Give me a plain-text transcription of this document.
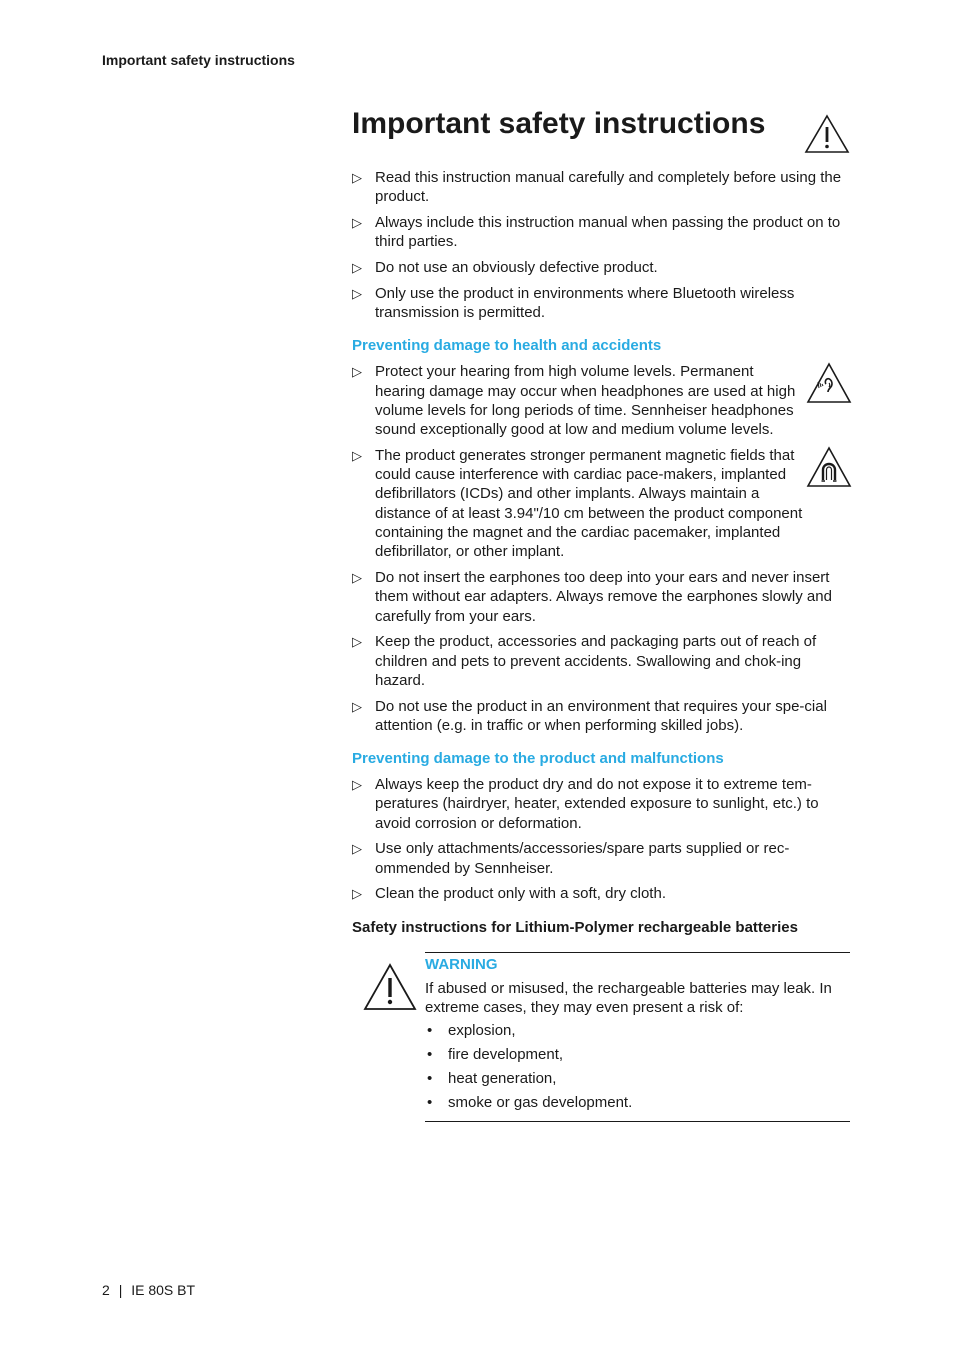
Important safety instructions
Important safety instructions
▷ Read this instruction manual carefully and completely before using the product.
▷ Always include this instruction manual when passing the product on to third parties.
▷ Do not use an obviously defective product.
▷ Only use the product in environments where Bluetooth wireless transmission is permitted.
Preventing damage to health and accidents
▷ Protect your hearing from high volume levels. Permanent hearing damage may occur when headphones are used at high volume levels for long periods of time. Sennheiser headphones sound exceptionally good at low and medium volume levels.
▷ The product generates stronger permanent magnetic fields that could cause interference with cardiac pace-makers, implanted defibrillators (ICDs) and other implants. Always maintain a distance of at least 3.94"/10 cm between the product component containing the magnet and the cardiac pacemaker, implanted defibrillator, or other implant.
▷ Do not insert the earphones too deep into your ears and never insert them without ear adapters. Always remove the earphones slowly and carefully from your ears.
▷ Keep the product, accessories and packaging parts out of reach of children and pets to prevent accidents. Swallowing and chok-ing hazard.
▷ Do not use the product in an environment that requires your spe-cial attention (e.g. in traffic or when performing skilled jobs).
Preventing damage to the product and malfunctions
▷ Always keep the product dry and do not expose it to extreme tem-peratures (hairdryer, heater, extended exposure to sunlight, etc.) to avoid corrosion or deformation.
▷ Use only attachments/accessories/spare parts supplied or rec-ommended by Sennheiser.
▷ Clean the product only with a soft, dry cloth.
Safety instructions for Lithium-Polymer rechargeable batteries
WARNING

If abused or misused, the rechargeable batteries may leak. In extreme cases, they may even present a risk of:

• explosion,
• fire development,
• heat generation,
• smoke or gas development.
2 | IE 80S BT
